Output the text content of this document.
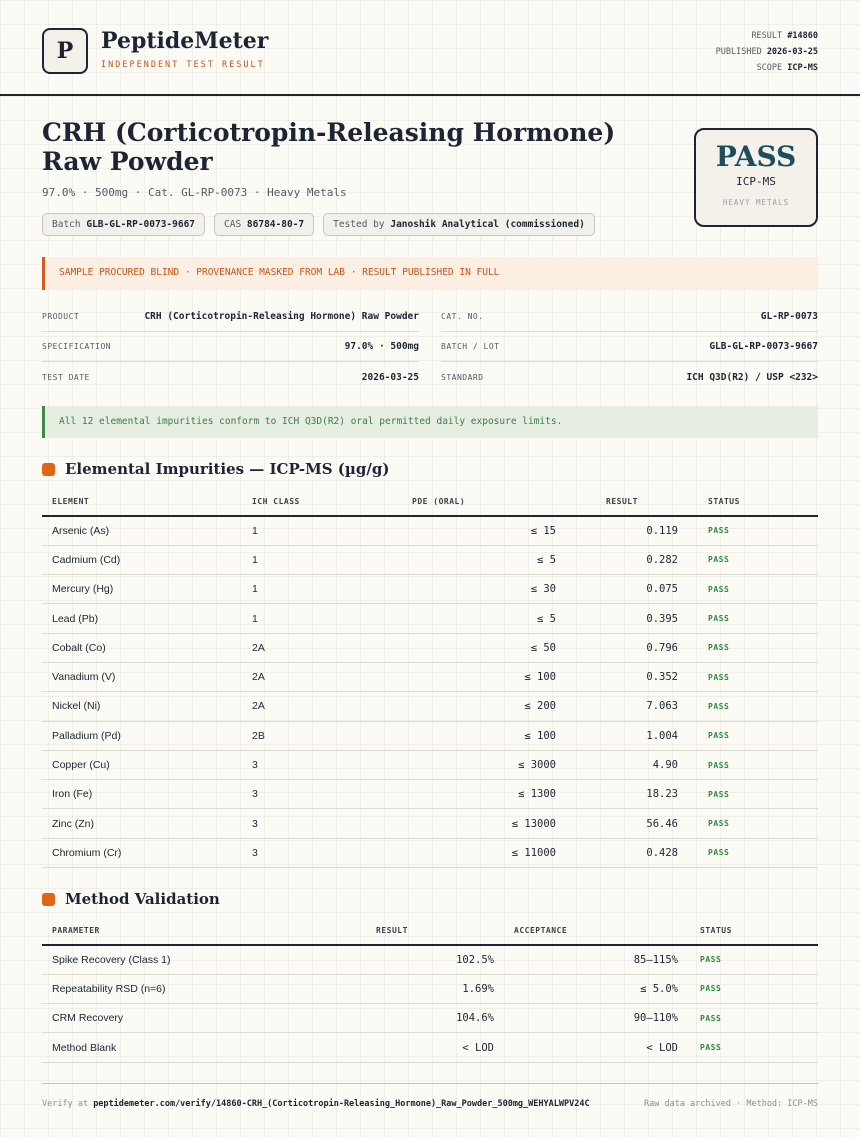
P	PeptideMeter
INDEPENDENT TEST RESULT
RESULT #14860
PUBLISHED 2026-03-25
SCOPE ICP-MS
CRH (Corticotropin-Releasing Hormone) Raw Powder
97.0% · 500mg · Cat. GL-RP-0073 · Heavy Metals
Batch GLB-GL-RP-0073-9667	CAS 86784-80-7	Tested by Janoshik Analytical (commissioned)
PASS
ICP-MS
HEAVY METALS
SAMPLE PROCURED BLIND · PROVENANCE MASKED FROM LAB · RESULT PUBLISHED IN FULL
PRODUCT	CRH (Corticotropin-Releasing Hormone) Raw Powder	CAT. NO.	GL-RP-0073
SPECIFICATION	97.0% · 500mg	BATCH / LOT	GLB-GL-RP-0073-9667
TEST DATE	2026-03-25	STANDARD	ICH Q3D(R2) / USP <232>
All 12 elemental impurities conform to ICH Q3D(R2) oral permitted daily exposure limits.
Elemental Impurities — ICP-MS (µg/g)
ELEMENT	ICH CLASS	PDE (ORAL)	RESULT	STATUS
Arsenic (As)	1	≤ 15	0.119	PASS
Cadmium (Cd)	1	≤ 5	0.282	PASS
Mercury (Hg)	1	≤ 30	0.075	PASS
Lead (Pb)	1	≤ 5	0.395	PASS
Cobalt (Co)	2A	≤ 50	0.796	PASS
Vanadium (V)	2A	≤ 100	0.352	PASS
Nickel (Ni)	2A	≤ 200	7.063	PASS
Palladium (Pd)	2B	≤ 100	1.004	PASS
Copper (Cu)	3	≤ 3000	4.90	PASS
Iron (Fe)	3	≤ 1300	18.23	PASS
Zinc (Zn)	3	≤ 13000	56.46	PASS
Chromium (Cr)	3	≤ 11000	0.428	PASS
Method Validation
PARAMETER	RESULT	ACCEPTANCE	STATUS
Spike Recovery (Class 1)	102.5%	85–115%	PASS
Repeatability RSD (n=6)	1.69%	≤ 5.0%	PASS
CRM Recovery	104.6%	90–110%	PASS
Method Blank	< LOD	< LOD	PASS
Verify at peptidemeter.com/verify/14860-CRH_(Corticotropin-Releasing_Hormone)_Raw_Powder_500mg_WEHYALWPV24C	Raw data archived · Method: ICP-MS
